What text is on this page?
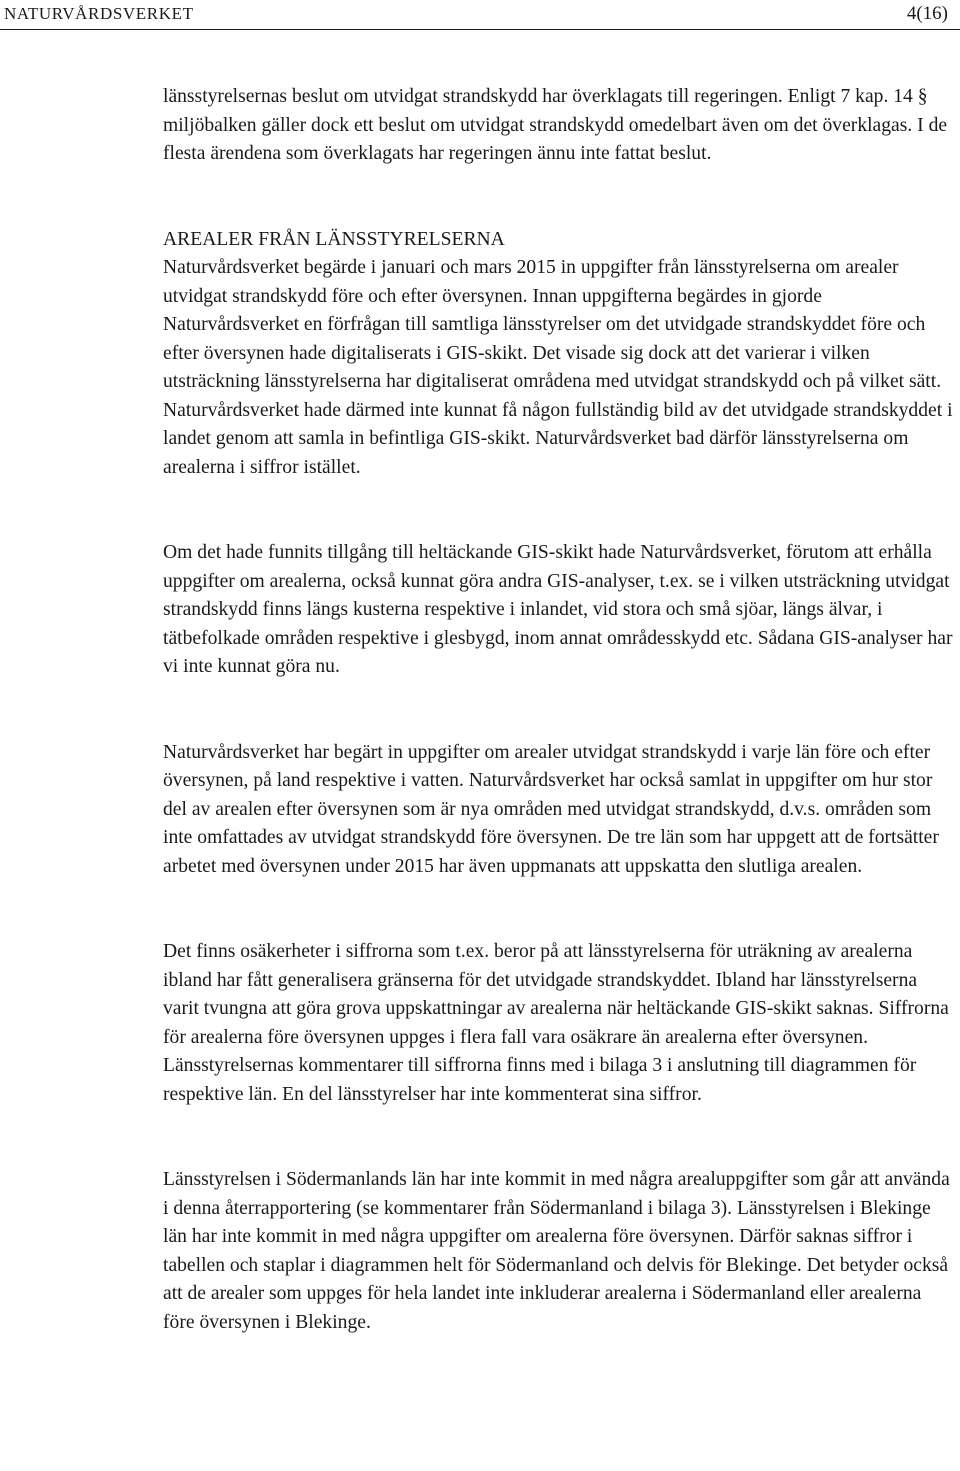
NATURVÅRDSVERKET	4(16)

länsstyrelsernas beslut om utvidgat strandskydd har överklagats till regeringen. Enligt 7 kap. 14 § miljöbalken gäller dock ett beslut om utvidgat strandskydd omedelbart även om det överklagas. I de flesta ärendena som överklagats har regeringen ännu inte fattat beslut.

AREALER FRÅN LÄNSSTYRELSERNA

Naturvårdsverket begärde i januari och mars 2015 in uppgifter från länsstyrelserna om arealer utvidgat strandskydd före och efter översynen. Innan uppgifterna begärdes in gjorde Naturvårdsverket en förfrågan till samtliga länsstyrelser om det utvidgade strandskyddet före och efter översynen hade digitaliserats i GIS-skikt. Det visade sig dock att det varierar i vilken utsträckning länsstyrelserna har digitaliserat områdena med utvidgat strandskydd och på vilket sätt. Naturvårdsverket hade därmed inte kunnat få någon fullständig bild av det utvidgade strandskyddet i landet genom att samla in befintliga GIS-skikt. Naturvårdsverket bad därför länsstyrelserna om arealerna i siffror istället.

Om det hade funnits tillgång till heltäckande GIS-skikt hade Naturvårdsverket, förutom att erhålla uppgifter om arealerna, också kunnat göra andra GIS-analyser, t.ex. se i vilken utsträckning utvidgat strandskydd finns längs kusterna respektive i inlandet, vid stora och små sjöar, längs älvar, i tätbefolkade områden respektive i glesbygd, inom annat områdesskydd etc. Sådana GIS-analyser har vi inte kunnat göra nu.

Naturvårdsverket har begärt in uppgifter om arealer utvidgat strandskydd i varje län före och efter översynen, på land respektive i vatten. Naturvårdsverket har också samlat in uppgifter om hur stor del av arealen efter översynen som är nya områden med utvidgat strandskydd, d.v.s. områden som inte omfattades av utvidgat strandskydd före översynen. De tre län som har uppgett att de fortsätter arbetet med översynen under 2015 har även uppmanats att uppskatta den slutliga arealen.

Det finns osäkerheter i siffrorna som t.ex. beror på att länsstyrelserna för uträkning av arealerna ibland har fått generalisera gränserna för det utvidgade strandskyddet. Ibland har länsstyrelserna varit tvungna att göra grova uppskattningar av arealerna när heltäckande GIS-skikt saknas. Siffrorna för arealerna före översynen uppges i flera fall vara osäkrare än arealerna efter översynen. Länsstyrelsernas kommentarer till siffrorna finns med i bilaga 3 i anslutning till diagrammen för respektive län. En del länsstyrelser har inte kommenterat sina siffror.

Länsstyrelsen i Södermanlands län har inte kommit in med några arealuppgifter som går att använda i denna återrapportering (se kommentarer från Södermanland i bilaga 3). Länsstyrelsen i Blekinge län har inte kommit in med några uppgifter om arealerna före översynen. Därför saknas siffror i tabellen och staplar i diagrammen helt för Södermanland och delvis för Blekinge. Det betyder också att de arealer som uppges för hela landet inte inkluderar arealerna i Södermanland eller arealerna före översynen i Blekinge.
